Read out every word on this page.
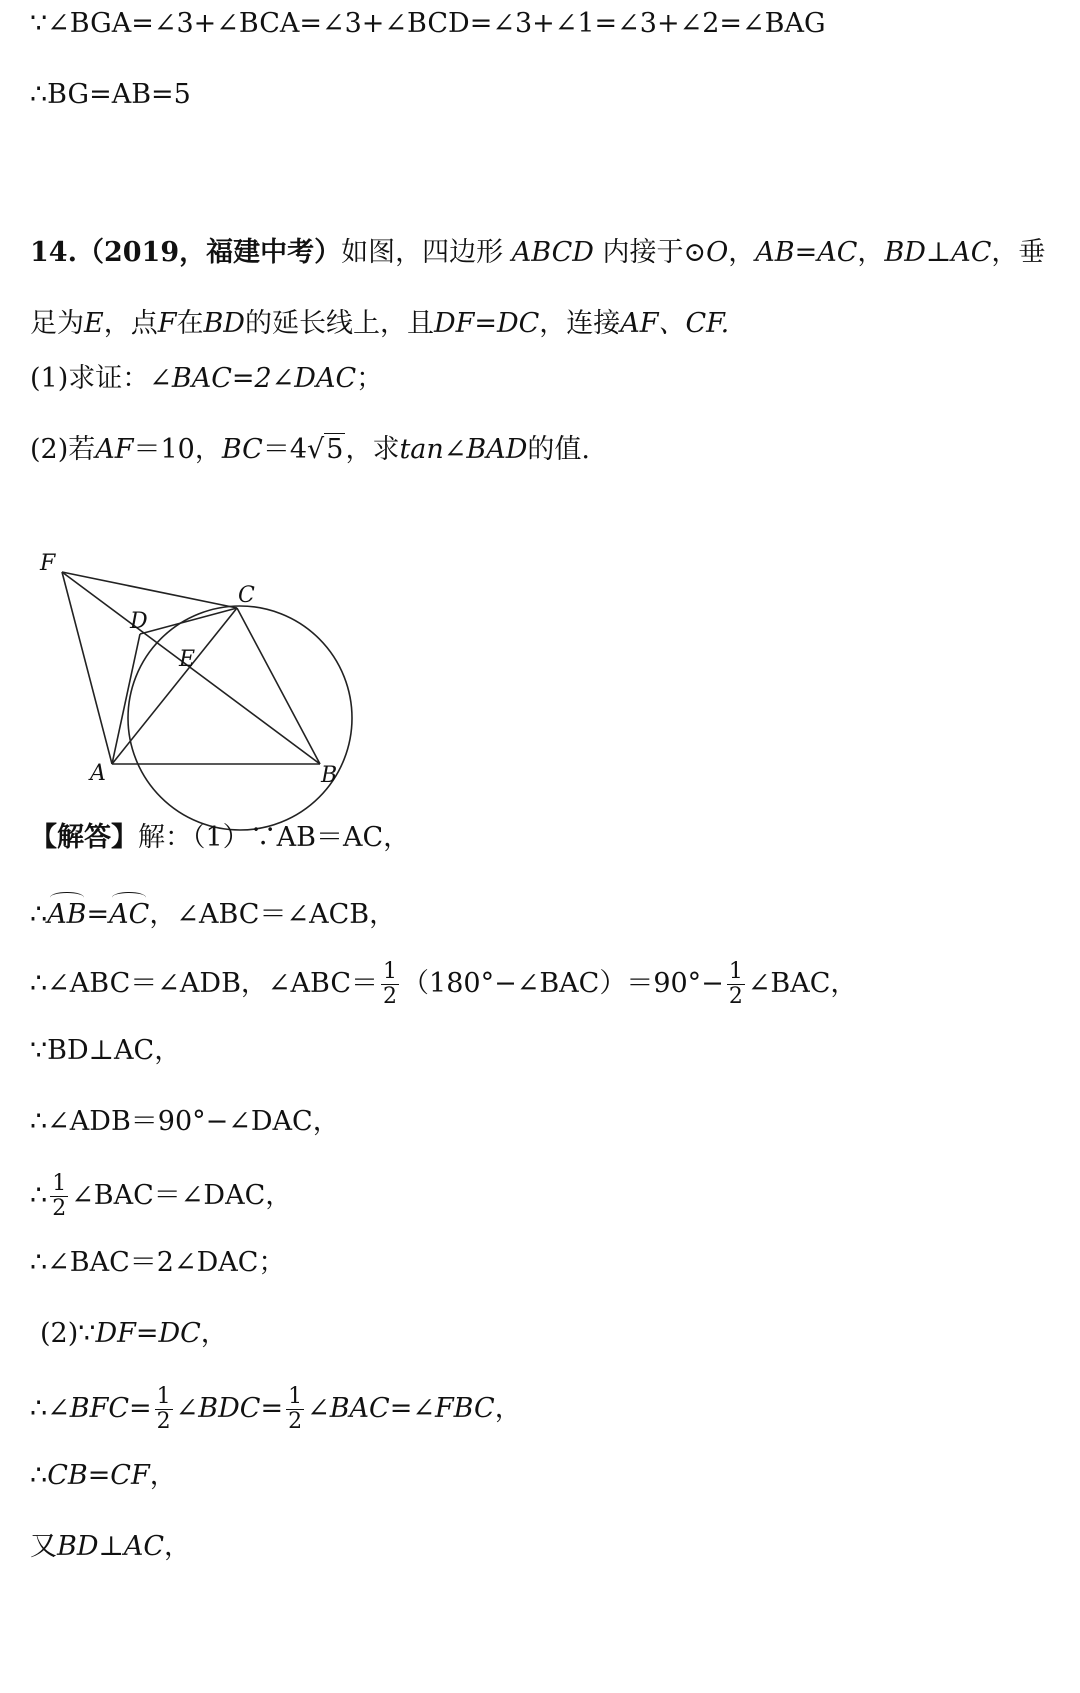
∵∠BGA=∠3+∠BCA=∠3+∠BCD=∠3+∠1=∠3+∠2=∠BAG
∴BG=AB=5
14.（2019，福建中考）如图，四边形 ABCD 内接于⊙O，AB=AC，BD⊥AC，垂足为E，点F在BD的延长线上，且DF=DC，连接AF、CF.
(1)求证：∠BAC=2∠DAC；
(2)若AF＝10，BC＝4√5，求tan∠BAD的值.
F
C
D
E
A	B
【解答】解：（1）∵AB＝AC，
∴AB=AC，∠ABC＝∠ACB，
∴∠ABC＝∠ADB，∠ABC＝ $\frac{1}{2}$ （180°−∠BAC）＝90°− $\frac{1}{2}$ ∠BAC，
∵BD⊥AC，
∴∠ADB＝90°−∠DAC，
∴ $\frac{1}{2}$ ∠BAC＝∠DAC，
∴∠BAC＝2∠DAC；
(2)∵DF=DC，
∴∠BFC= $\frac{1}{2}$ ∠BDC= $\frac{1}{2}$ ∠BAC=∠FBC，
∴CB=CF，
又BD⊥AC，
